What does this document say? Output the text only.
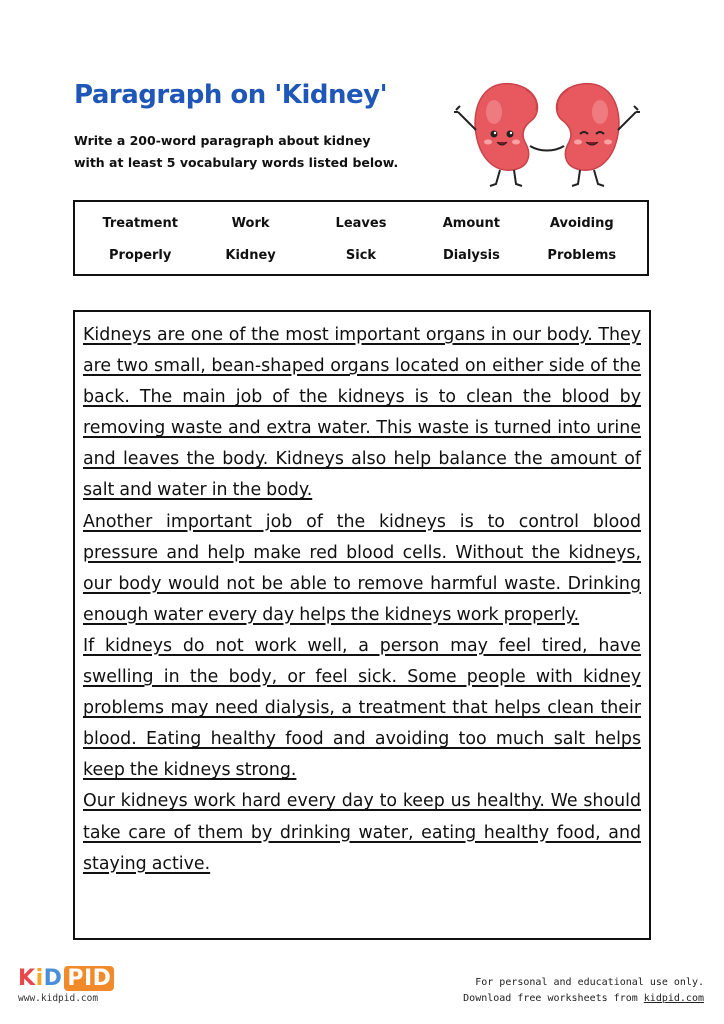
Paragraph on 'Kidney'
Write a 200-word paragraph about kidney
with at least 5 vocabulary words listed below.
Treatment	Work	Leaves	Amount	Avoiding
Properly	Kidney	Sick	Dialysis	Problems

Kidneys are one of the most important organs in our body. They are two small, bean-shaped organs located on either side of the back. The main job of the kidneys is to clean the blood by removing waste and extra water. This waste is turned into urine and leaves the body. Kidneys also help balance the amount of salt and water in the body.

Another important job of the kidneys is to control blood pressure and help make red blood cells. Without the kidneys, our body would not be able to remove harmful waste. Drinking enough water every day helps the kidneys work properly.

If kidneys do not work well, a person may feel tired, have swelling in the body, or feel sick. Some people with kidney problems may need dialysis, a treatment that helps clean their blood. Eating healthy food and avoiding too much salt helps keep the kidneys strong.

Our kidneys work hard every day to keep us healthy. We should take care of them by drinking water, eating healthy food, and staying active.

KiD PID
www.kidpid.com
For personal and educational use only.
Download free worksheets from kidpid.com
